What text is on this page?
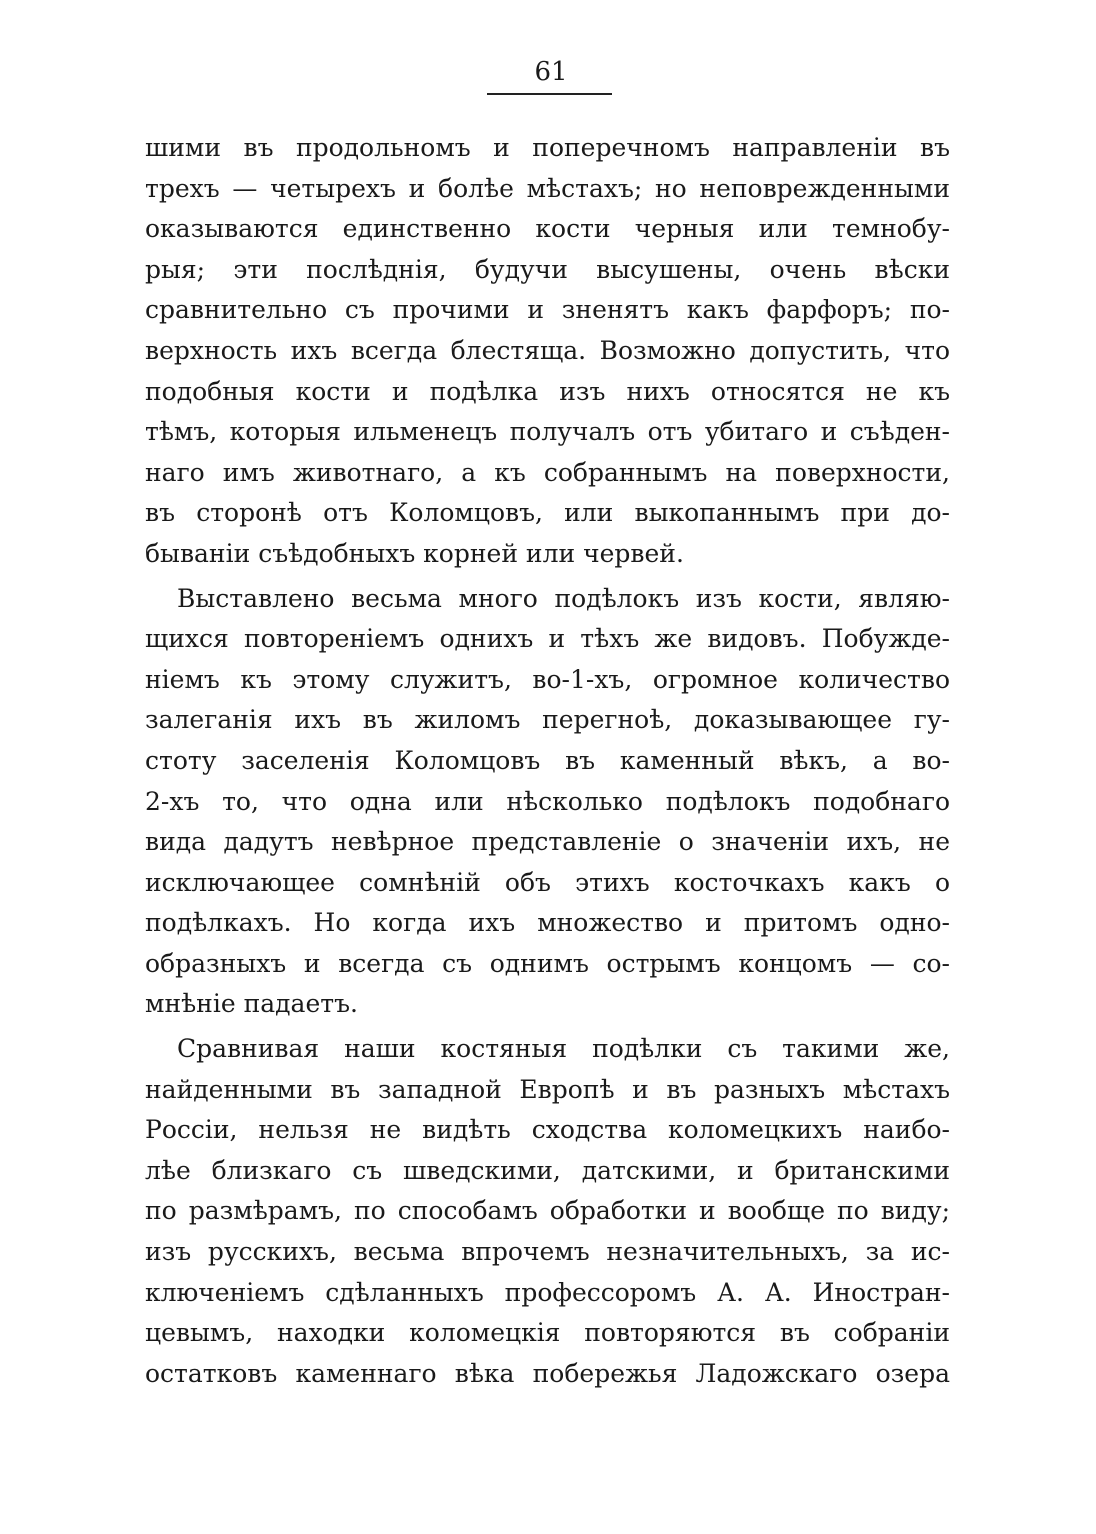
61
шими въ продольномъ и поперечномъ направленіи въ
трехъ — четырехъ и болѣе мѣстахъ; но неповрежденными
оказываются единственно кости черныя или темнобу-
рыя; эти послѣднія, будучи высушены, очень вѣски
сравнительно съ прочими и зненятъ какъ фарфоръ; по-
верхность ихъ всегда блестяща. Возможно допустить, что
подобныя кости и подѣлка изъ нихъ относятся не къ
тѣмъ, которыя ильменецъ получалъ отъ убитаго и съѣден-
наго имъ животнаго, а къ собраннымъ на поверхности,
въ сторонѣ отъ Коломцовъ, или выкопаннымъ при до-
бываніи съѣдобныхъ корней или червей.
Выставлено весьма много подѣлокъ изъ кости, являю-
щихся повтореніемъ однихъ и тѣхъ же видовъ. Побужде-
ніемъ къ этому служитъ, во-1-хъ, огромное количество
залеганія ихъ въ жиломъ перегноѣ, доказывающее гу-
стоту заселенія Коломцовъ въ каменный вѣкъ, а во-
2-хъ то, что одна или нѣсколько подѣлокъ подобнаго
вида дадутъ невѣрное представленіе о значеніи ихъ, не
исключающее сомнѣній объ этихъ косточкахъ какъ о
подѣлкахъ. Но когда ихъ множество и притомъ одно-
образныхъ и всегда съ однимъ острымъ концомъ — со-
мнѣніе падаетъ.
Сравнивая наши костяныя подѣлки съ такими же,
найденными въ западной Европѣ и въ разныхъ мѣстахъ
Россіи, нельзя не видѣть сходства коломецкихъ наибо-
лѣе близкаго съ шведскими, датскими, и британскими
по размѣрамъ, по способамъ обработки и вообще по виду;
изъ русскихъ, весьма впрочемъ незначительныхъ, за ис-
ключеніемъ сдѣланныхъ профессоромъ А. А. Иностран-
цевымъ, находки коломецкія повторяются въ собраніи
остатковъ каменнаго вѣка побережья Ладожскаго озера
